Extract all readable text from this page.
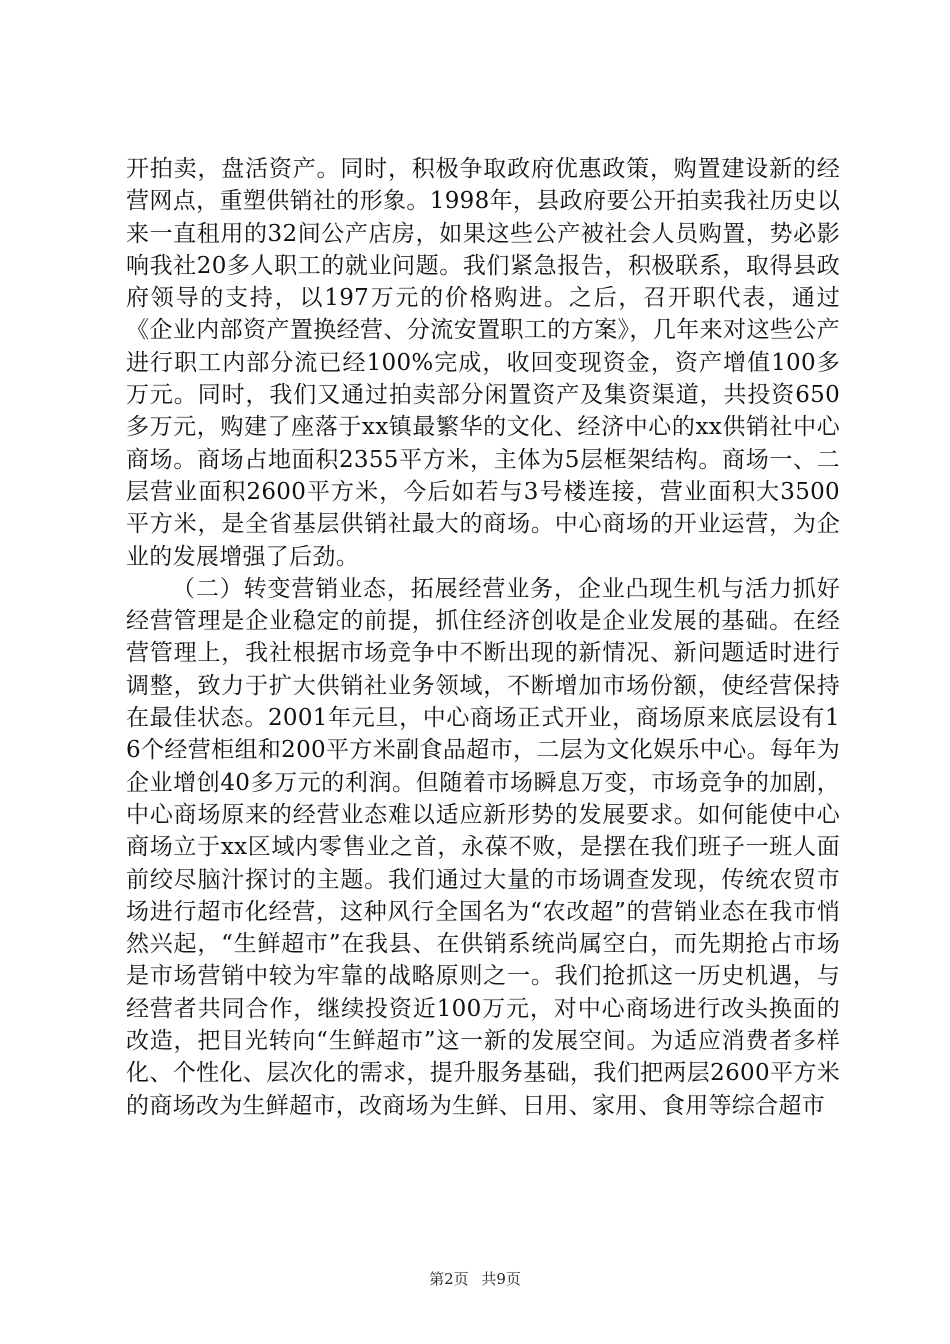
开拍卖，盘活资产。同时，积极争取政府优惠政策，购置建设新的经营网点，重塑供销社的形象。1998年，县政府要公开拍卖我社历史以来一直租用的32间公产店房，如果这些公产被社会人员购置，势必影响我社20多人职工的就业问题。我们紧急报告，积极联系，取得县政府领导的支持，以197万元的价格购进。之后，召开职代表，通过《企业内部资产置换经营、分流安置职工的方案》，几年来对这些公产进行职工内部分流已经100%完成，收回变现资金，资产增值100多万元。同时，我们又通过拍卖部分闲置资产及集资渠道，共投资650多万元，购建了座落于xx镇最繁华的文化、经济中心的xx供销社中心商场。商场占地面积2355平方米，主体为5层框架结构。商场一、二层营业面积2600平方米，今后如若与3号楼连接，营业面积大3500平方米，是全省基层供销社最大的商场。中心商场的开业运营，为企业的发展增强了后劲。

（二）转变营销业态，拓展经营业务，企业凸现生机与活力抓好经营管理是企业稳定的前提，抓住经济创收是企业发展的基础。在经营管理上，我社根据市场竞争中不断出现的新情况、新问题适时进行调整，致力于扩大供销社业务领域，不断增加市场份额，使经营保持在最佳状态。2001年元旦，中心商场正式开业，商场原来底层设有16个经营柜组和200平方米副食品超市，二层为文化娱乐中心。每年为企业增创40多万元的利润。但随着市场瞬息万变，市场竞争的加剧，中心商场原来的经营业态难以适应新形势的发展要求。如何能使中心商场立于xx区域内零售业之首，永葆不败，是摆在我们班子一班人面前绞尽脑汁探讨的主题。我们通过大量的市场调查发现，传统农贸市场进行超市化经营，这种风行全国名为“农改超”的营销业态在我市悄然兴起，“生鲜超市”在我县、在供销系统尚属空白，而先期抢占市场是市场营销中较为牢靠的战略原则之一。我们抢抓这一历史机遇，与经营者共同合作，继续投资近100万元，对中心商场进行改头换面的改造，把目光转向“生鲜超市”这一新的发展空间。为适应消费者多样化、个性化、层次化的需求，提升服务基础，我们把两层2600平方米的商场改为生鲜超市，改商场为生鲜、日用、家用、食用等综合超市

第2页 共9页
